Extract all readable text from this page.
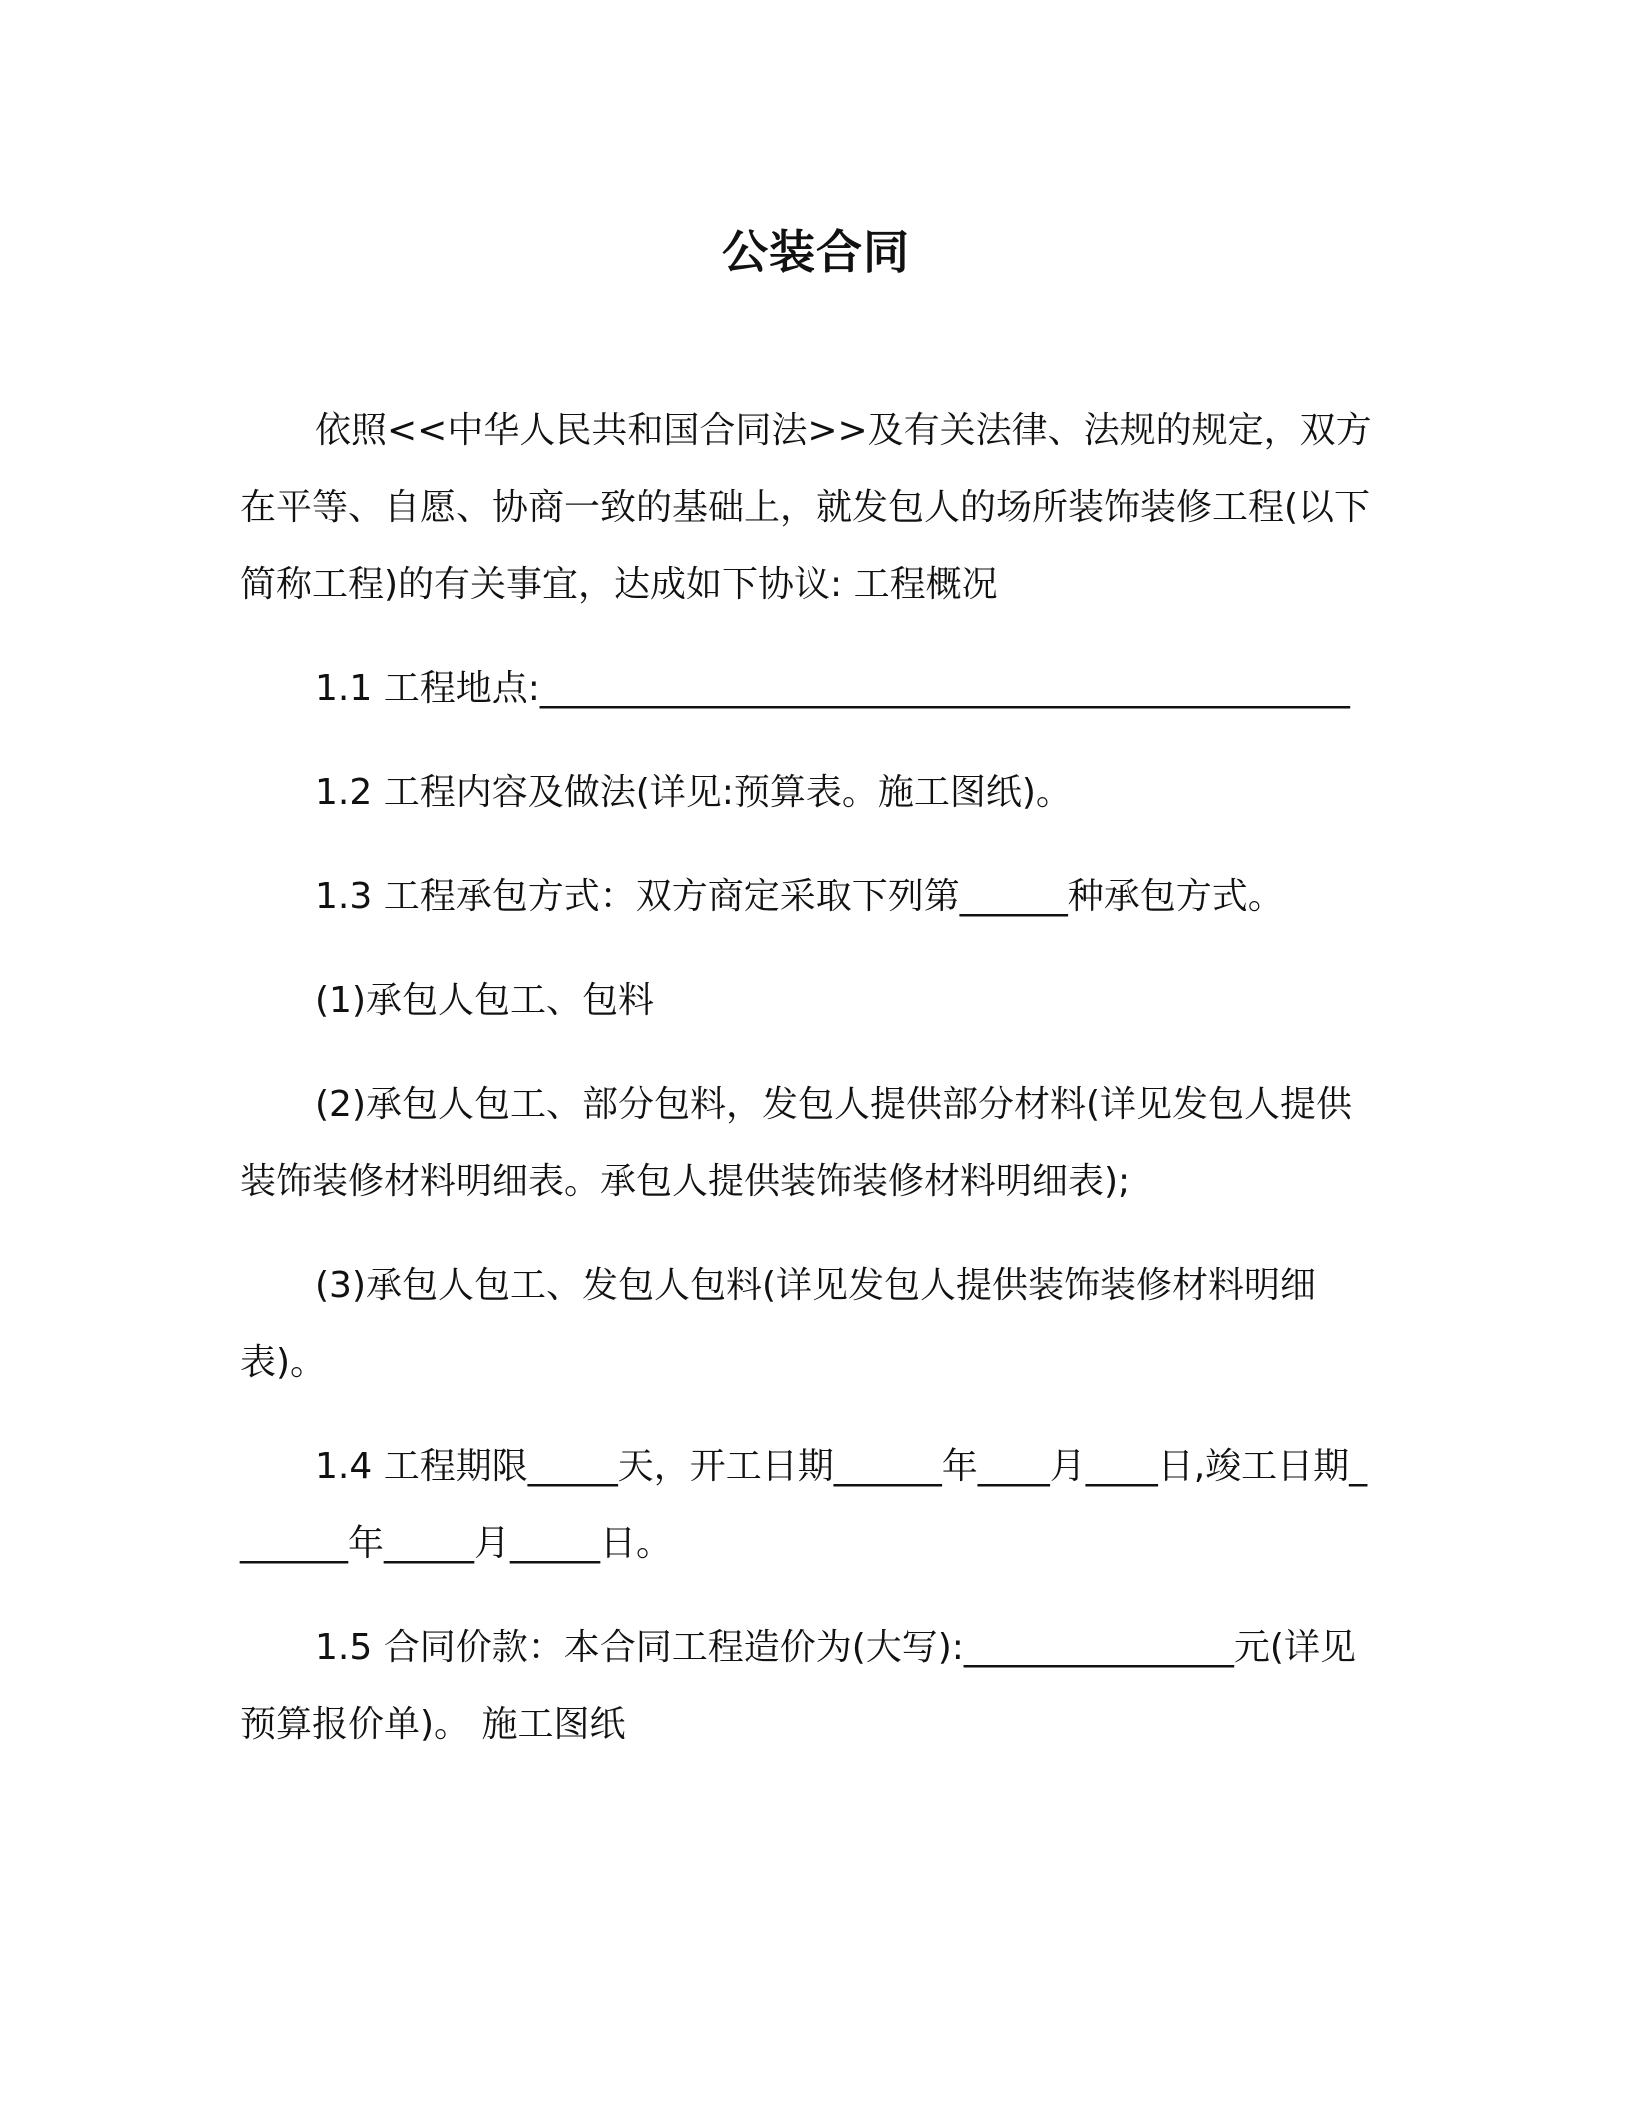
公装合同

依照<<中华人民共和国合同法>>及有关法律、法规的规定，双方在平等、自愿、协商一致的基础上，就发包人的场所装饰装修工程(以下简称工程)的有关事宜，达成如下协议: 工程概况

1.1 工程地点:_____________________________________________

1.2 工程内容及做法(详见:预算表。施工图纸)。

1.3 工程承包方式：双方商定采取下列第______种承包方式。

(1)承包人包工、包料

(2)承包人包工、部分包料，发包人提供部分材料(详见发包人提供装饰装修材料明细表。承包人提供装饰装修材料明细表);

(3)承包人包工、发包人包料(详见发包人提供装饰装修材料明细表)。

1.4 工程期限_____天，开工日期______年____月____日,竣工日期_______年_____月_____日。

1.5 合同价款：本合同工程造价为(大写):_______________元(详见预算报价单)。 施工图纸
